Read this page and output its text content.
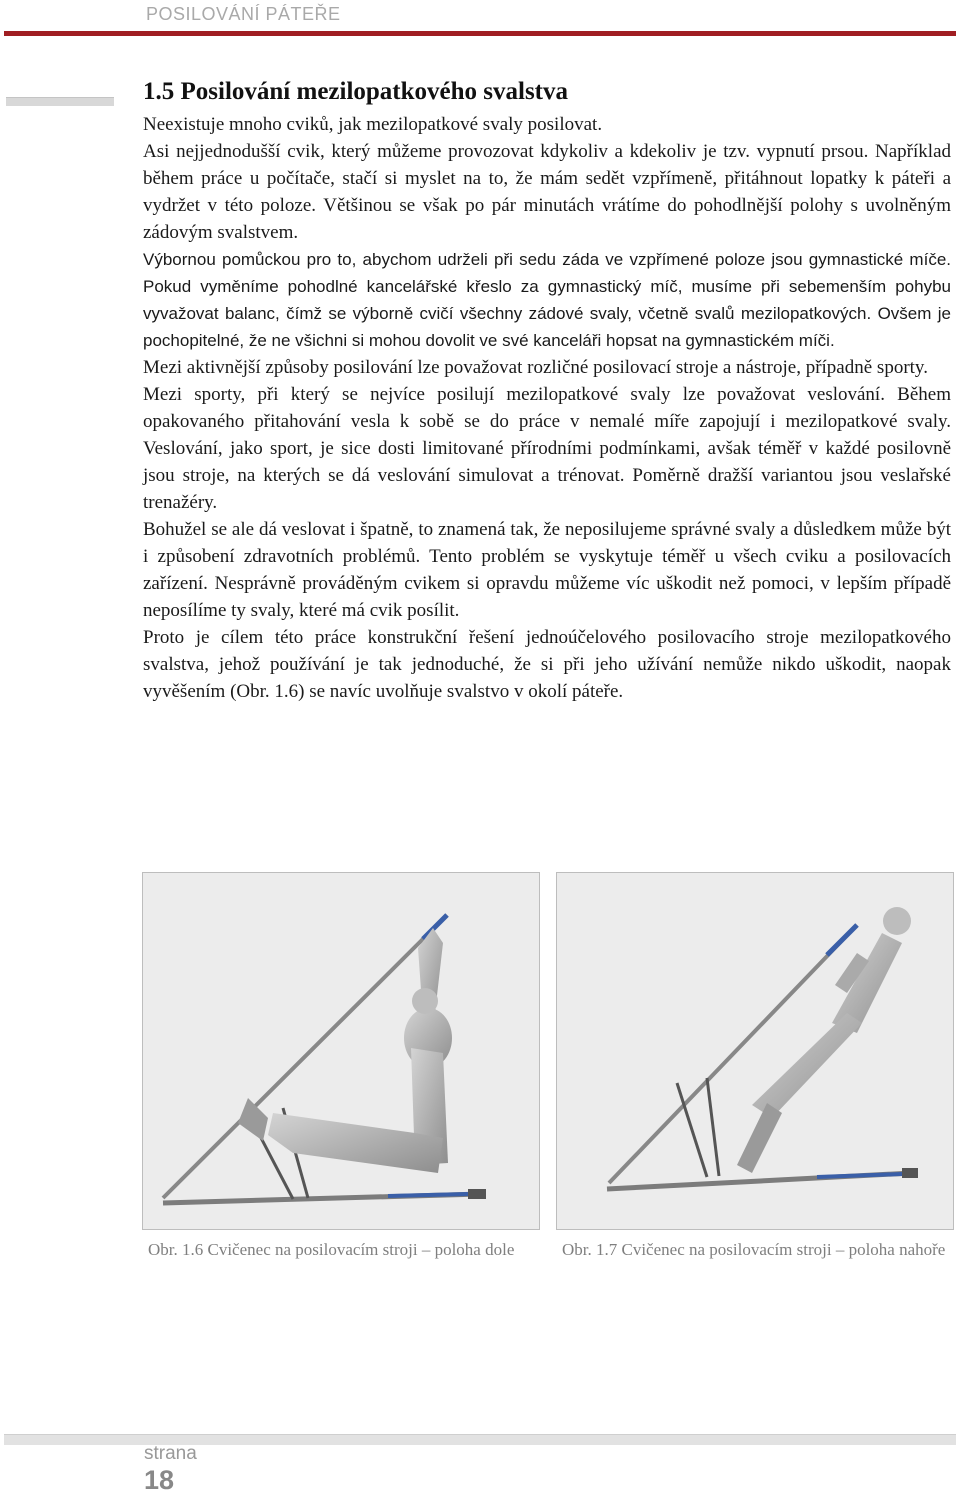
POSILOVÁNÍ PÁTEŘE
1.5 Posilování mezilopatkového svalstva

Neexistuje mnoho cviků, jak mezilopatkové svaly posilovat.

Asi nejjednodušší cvik, který můžeme provozovat kdykoliv a kdekoliv je tzv. vypnutí prsou. Například během práce u počítače, stačí si myslet na to, že mám sedět vzpřímeně, přitáhnout lopatky k páteři a vydržet v této poloze. Většinou se však po pár minutách vrátíme do pohodlnější polohy s uvolněným zádovým svalstvem.

Výbornou pomůckou pro to, abychom udrželi při sedu záda ve vzpřímené poloze jsou gymnastické míče. Pokud vyměníme pohodlné kancelářské křeslo za gymnastický míč, musíme při sebemenším pohybu vyvažovat balanc, čímž se výborně cvičí všechny zádové svaly, včetně svalů mezilopatkových. Ovšem je pochopitelné, že ne všichni si mohou dovolit ve své kanceláři hopsat na gymnastickém míči.

Mezi aktivnější způsoby posilování lze považovat rozličné posilovací stroje a nástroje, případně sporty.

Mezi sporty, při který se nejvíce posilují mezilopatkové svaly lze považovat veslování. Během opakovaného přitahování vesla k sobě se do práce v nemalé míře zapojují i mezilopatkové svaly. Veslování, jako sport, je sice dosti limitované přírodními podmínkami, avšak téměř v každé posilovně jsou stroje, na kterých se dá veslování simulovat a trénovat. Poměrně dražší variantou jsou veslařské trenažéry.

Bohužel se ale dá veslovat i špatně, to znamená tak, že neposilujeme správné svaly a důsledkem může být i způsobení zdravotních problémů. Tento problém se vyskytuje téměř u všech cviku a posilovacích zařízení. Nesprávně prováděným cvikem si opravdu můžeme víc uškodit než pomoci, v lepším případě neposílíme ty svaly, které má cvik posílit.

Proto je cílem této práce konstrukční řešení jednoúčelového posilovacího stroje mezilopatkového svalstva, jehož používání je tak jednoduché, že si při jeho užívání nemůže nikdo uškodit, naopak vyvěšením (Obr. 1.6) se navíc uvolňuje svalstvo v okolí páteře.

Obr. 1.6 Cvičenec na posilovacím stroji – poloha dole	Obr. 1.7 Cvičenec na posilovacím stroji – poloha nahoře
strana
18
